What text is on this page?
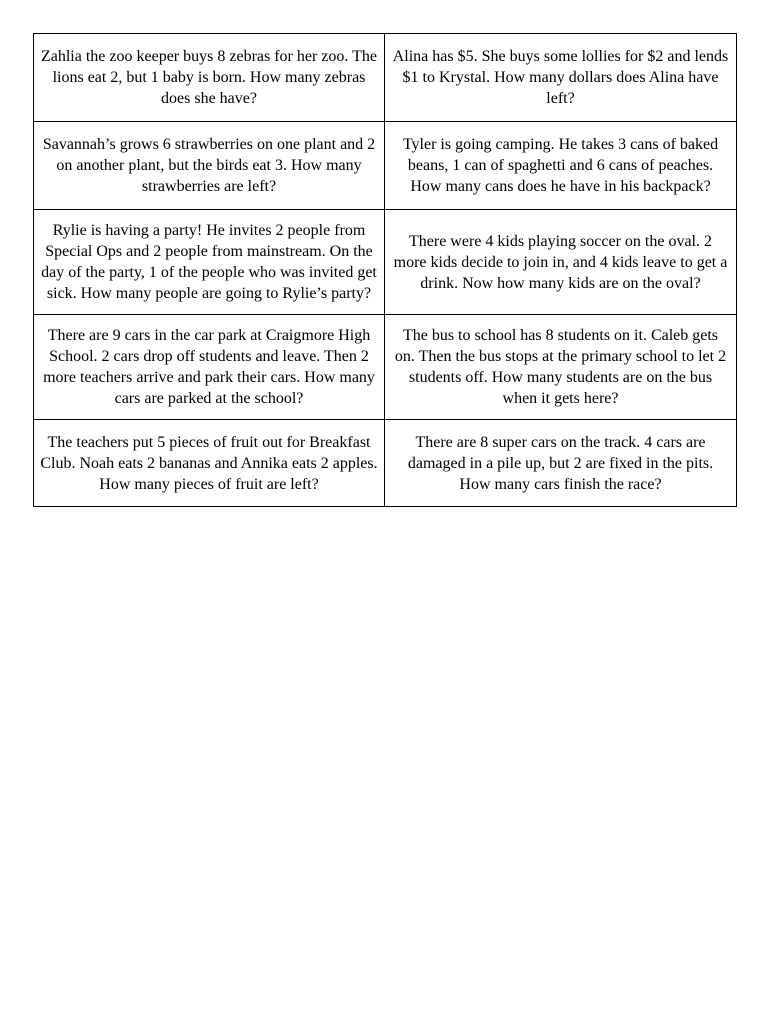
Zahlia the zoo keeper buys 8 zebras for her zoo. The lions eat 2, but 1 baby is born. How many zebras does she have?	Alina has $5. She buys some lollies for $2 and lends $1 to Krystal. How many dollars does Alina have left?
Savannah’s grows 6 strawberries on one plant and 2 on another plant, but the birds eat 3. How many strawberries are left?	Tyler is going camping. He takes 3 cans of baked beans, 1 can of spaghetti and 6 cans of peaches. How many cans does he have in his backpack?
Rylie is having a party! He invites 2 people from Special Ops and 2 people from mainstream. On the day of the party, 1 of the people who was invited get sick. How many people are going to Rylie’s party?	There were 4 kids playing soccer on the oval. 2 more kids decide to join in, and 4 kids leave to get a drink. Now how many kids are on the oval?
There are 9 cars in the car park at Craigmore High School. 2 cars drop off students and leave. Then 2 more teachers arrive and park their cars. How many cars are parked at the school?	The bus to school has 8 students on it. Caleb gets on. Then the bus stops at the primary school to let 2 students off. How many students are on the bus when it gets here?
The teachers put 5 pieces of fruit out for Breakfast Club. Noah eats 2 bananas and Annika eats 2 apples. How many pieces of fruit are left?	There are 8 super cars on the track. 4 cars are damaged in a pile up, but 2 are fixed in the pits. How many cars finish the race?
